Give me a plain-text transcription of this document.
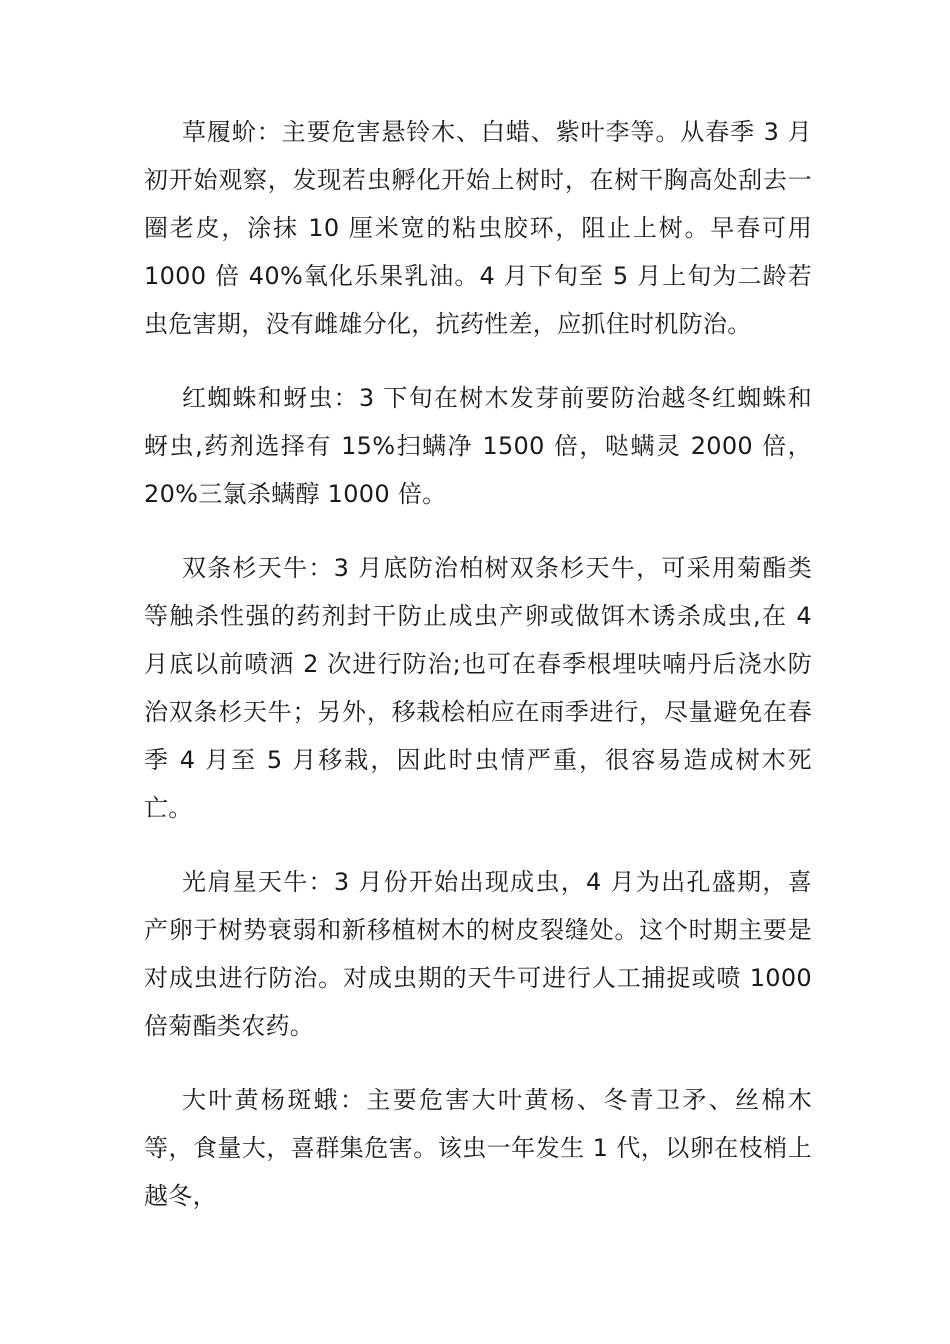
草履蚧：主要危害悬铃木、白蜡、紫叶李等。从春季 3 月初开始观察，发现若虫孵化开始上树时，在树干胸高处刮去一圈老皮，涂抹 10 厘米宽的粘虫胶环，阻止上树。早春可用 1000 倍 40%氧化乐果乳油。4 月下旬至 5 月上旬为二龄若虫危害期，没有雌雄分化，抗药性差，应抓住时机防治。

红蜘蛛和蚜虫：3 下旬在树木发芽前要防治越冬红蜘蛛和蚜虫,药剂选择有 15%扫螨净 1500 倍，哒螨灵 2000 倍，20%三氯杀螨醇 1000 倍。

双条杉天牛：3 月底防治柏树双条杉天牛，可采用菊酯类等触杀性强的药剂封干防止成虫产卵或做饵木诱杀成虫,在 4 月底以前喷洒 2 次进行防治;也可在春季根埋呋喃丹后浇水防治双条杉天牛；另外，移栽桧柏应在雨季进行，尽量避免在春季 4 月至 5 月移栽，因此时虫情严重，很容易造成树木死亡。

光肩星天牛：3 月份开始出现成虫，4 月为出孔盛期，喜产卵于树势衰弱和新移植树木的树皮裂缝处。这个时期主要是对成虫进行防治。对成虫期的天牛可进行人工捕捉或喷 1000 倍菊酯类农药。

大叶黄杨斑蛾：主要危害大叶黄杨、冬青卫矛、丝棉木等，食量大，喜群集危害。该虫一年发生 1 代，以卵在枝梢上越冬，
